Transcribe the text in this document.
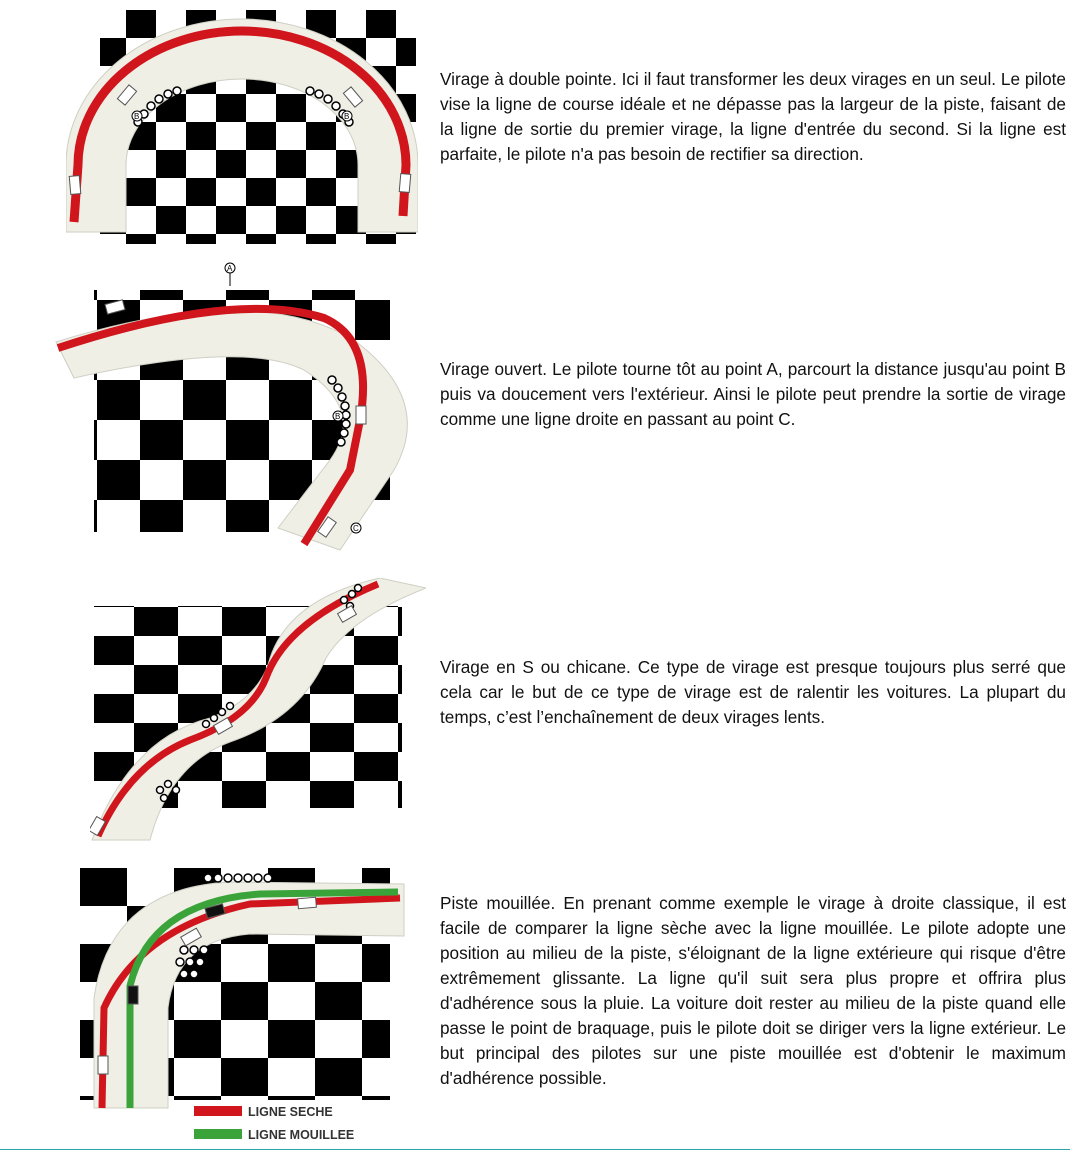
B	B
Virage à double pointe. Ici il faut transformer les deux virages en un seul. Le pilote vise la ligne de course idéale et ne dépasse pas la largeur de la piste, faisant de la ligne de sortie du premier virage, la ligne d'entrée du second. Si la ligne est parfaite, le pilote n'a pas besoin de rectifier sa direction.
A
B
C
Virage ouvert. Le pilote tourne tôt au point A, parcourt la distance jusqu'au point B puis va doucement vers l'extérieur. Ainsi le pilote peut prendre la sortie de virage comme une ligne droite en passant au point C.
Virage en S ou chicane. Ce type de virage est presque toujours plus serré que cela car le but de ce type de virage est de ralentir les voitures. La plupart du temps, c’est l’enchaînement de deux virages lents.
LIGNE SECHE
LIGNE MOUILLEE
Piste mouillée. En prenant comme exemple le virage à droite classique, il est facile de comparer la ligne sèche avec la ligne mouillée. Le pilote adopte une position au milieu de la piste, s'éloignant de la ligne extérieure qui risque d'être extrêmement glissante. La ligne qu'il suit sera plus propre et offrira plus d'adhérence sous la pluie. La voiture doit rester au milieu de la piste quand elle passe le point de braquage, puis le pilote doit se diriger vers la ligne extérieur. Le but principal des pilotes sur une piste mouillée est d'obtenir le maximum d'adhérence possible.
